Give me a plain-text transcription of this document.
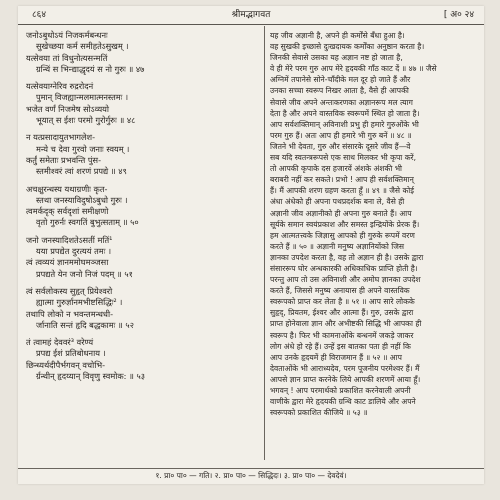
८६४	श्रीमद्भागवत	[ अ० २४
जनोऽबुधोऽयं निजकर्मबन्धनः
सुखेच्छया कर्म समीहतेऽसुखम् ।
यत्सेवया तां विधुनोत्यसन्मतिं
ग्रन्थिं स भिन्द्याद्धृदयं स नो गुरुः ॥ ४७
यत्सेवयाग्नेरिव रुद्ररोदनं
पुमान् विजह्यान्मलमात्मनस्तमः ।
भजेत वर्णं निजमेष सोऽव्ययो
भूयात् स ईशः परमो गुरोर्गुरुः ॥ ४८
न यत्प्रसादायुतभागलेश-
मन्ये च देवा गुरवो जनाः स्वयम् ।
कर्तुं समेताः प्रभवन्ति पुंस-
स्तमीश्वरं त्वां शरणं प्रपद्ये ॥ ४९
अचक्षुरन्धस्य यथाग्रणीः कृत-
स्तथा जनस्याविदुषोऽबुधो गुरुः ।
त्वमर्कदृक् सर्वदृशां समीक्षणो
वृतो गुरुर्नः स्वगतिं बुभुत्सताम् ॥ ५०
जनो जनस्यादिशतेऽसतीं मतिं¹
यया प्रपद्येत दुरत्ययं तमः ।
त्वं त्वव्ययं ज्ञानममोघमञ्जसा
प्रपद्यते येन जनो निजं पदम् ॥ ५१
त्वं सर्वलोकस्य सुहृत् प्रियेश्वरो
ह्यात्मा गुरुर्ज्ञानमभीष्टसिद्धिः² ।
तथापि लोको न भवन्तमन्धधी-
र्जानाति सन्तं हृदि बद्धकामः ॥ ५२
तं त्वामहं देववरं³ वरेण्यं
प्रपद्य ईशं प्रतिबोधनाय ।
छिन्ध्यर्थदीपैर्भगवन् वचोभि-
र्ग्रन्थीन् हृदय्यान् विवृणु स्वमोक: ॥ ५३
यह जीव अज्ञानी है, अपने ही कर्मोंसे बँधा हुआ है।
वह सुखकी इच्छासे दुःखदायक कर्मोंका अनुष्ठान करता है।
जिनकी सेवासे उसका यह अज्ञान नष्ट हो जाता है,
वे ही मेरे परम गुरु आप मेरे हृदयकी गाँठ काट दें ॥ ४७ ॥ जैसे
अग्निमें तपानेसे सोने-चाँदीके मल दूर हो जाते हैं और
उनका सच्चा स्वरूप निखर आता है, वैसे ही आपकी
सेवासे जीव अपने अन्तःकरणका अज्ञानरूप मल त्याग
देता है और अपने वास्तविक स्वरूपमें स्थित हो जाता है।
आप सर्वशक्तिमान् अविनाशी प्रभु ही हमारे गुरुओंके भी
परम गुरु हैं। अतः आप ही हमारे भी गुरु बनें ॥ ४८ ॥
जितने भी देवता, गुरु और संसारके दूसरे जीव हैं—वे
सब यदि स्वतन्त्ररूपसे एक साथ मिलकर भी कृपा करें,
तो आपकी कृपाके दस हजारवें अंशके अंशकी भी
बराबरी नहीं कर सकते। प्रभो ! आप ही सर्वशक्तिमान्
हैं। मैं आपकी शरण ग्रहण करता हूँ ॥ ४९ ॥ जैसे कोई
अंधा अंधेको ही अपना पथप्रदर्शक बना ले, वैसे ही
अज्ञानी जीव अज्ञानीको ही अपना गुरु बनाते हैं। आप
सूर्यके समान स्वयंप्रकाश और समस्त इन्द्रियोंके प्रेरक हैं।
हम आत्मतत्त्वके जिज्ञासु आपको ही गुरुके रूपमें वरण
करते हैं ॥ ५० ॥ अज्ञानी मनुष्य अज्ञानियोंको जिस
ज्ञानका उपदेश करता है, वह तो अज्ञान ही है। उसके द्वारा
संसाररूप घोर अन्धकारकी अधिकाधिक प्राप्ति होती है।
परन्तु आप तो उस अविनाशी और अमोघ ज्ञानका उपदेश
करते हैं, जिससे मनुष्य अनायास ही अपने वास्तविक
स्वरूपको प्राप्त कर लेता है ॥ ५१ ॥ आप सारे लोकके
सुहृद्, प्रियतम, ईश्वर और आत्मा हैं। गुरु, उसके द्वारा
प्राप्त होनेवाला ज्ञान और अभीष्टकी सिद्धि भी आपका ही
स्वरूप है। फिर भी कामनाओंके बन्धनमें जकड़े जाकर
लोग अंधे हो रहे हैं। उन्हें इस बातका पता ही नहीं कि
आप उनके हृदयमें ही विराजमान हैं ॥ ५२ ॥ आप
देवताओंके भी आराध्यदेव, परम पूजनीय परमेश्वर हैं। मैं
आपसे ज्ञान प्राप्त करनेके लिये आपकी शरणमें आया हूँ।
भगवन् ! आप परमार्थको प्रकाशित करनेवाली अपनी
वाणीके द्वारा मेरे हृदयकी ग्रन्थि काट डालिये और अपने
स्वरूपको प्रकाशित कीजिये ॥ ५३ ॥
१. प्रा० पा० — गति। २. प्रा० पा० — सिद्धिदः। ३. प्रा० पा० — देवदेवं।
